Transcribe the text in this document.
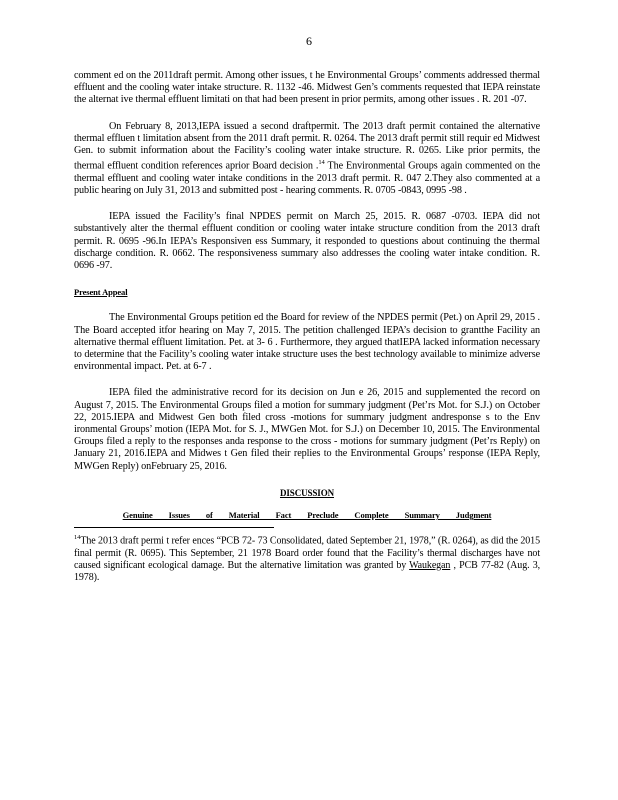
6

comment ed on the 2011draft permit. Among other issues, t he Environmental Groups’ comments addressed thermal effluent and the cooling water intake structure. R. 1132 -46. Midwest Gen’s comments requested that IEPA reinstate the alternat ive thermal effluent limitati on that had been present in prior permits, among other issues . R. 201 -07.

On February 8, 2013,IEPA issued a second draftpermit. The 2013 draft permit contained the alternative thermal effluen t limitation absent from the 2011 draft permit. R. 0264. The 2013 draft permit still requir ed Midwest Gen. to submit information about the Facility’s cooling water intake structure. R. 0265. Like prior permits, the thermal effluent condition references aprior Board decision .$^{14}$ The Environmental Groups again commented on the thermal effluent and cooling water intake conditions in the 2013 draft permit. R. 047 2.They also commented at a public hearing on July 31, 2013 and submitted post - hearing comments. R. 0705 -0843, 0995 -98 .

IEPA issued the Facility’s final NPDES permit on March 25, 2015. R. 0687 -0703. IEPA did not substantively alter the thermal effluent condition or cooling water intake structure condition from the 2013 draft permit. R. 0695 -96.In IEPA’s Responsiven ess Summary, it responded to questions about continuing the thermal discharge condition. R. 0662. The responsiveness summary also addresses the cooling water intake condition. R. 0696 -97.

Present Appeal

The Environmental Groups petition ed the Board for review of the NPDES permit (Pet.) on April 29, 2015 . The Board accepted itfor hearing on May 7, 2015. The petition challenged IEPA’s decision to grantthe Facility an alternative thermal effluent limitation. Pet. at 3- 6 . Furthermore, they argued thatIEPA lacked information necessary to determine that the Facility’s cooling water intake structure uses the best technology available to minimize adverse environmental impact. Pet. at 6-7 .

IEPA filed the administrative record for its decision on Jun e 26, 2015 and supplemented the record on August 7, 2015. The Environmental Groups filed a motion for summary judgment (Pet’rs Mot. for S.J.) on October 22, 2015.IEPA and Midwest Gen both filed cross -motions for summary judgment andresponse s to the Env ironmental Groups’ motion (IEPA Mot. for S. J., MWGen Mot. for S.J.) on December 10, 2015. The Environmental Groups filed a reply to the responses anda response to the cross - motions for summary judgment (Pet’rs Reply) on January 21, 2016.IEPA and Midwes t Gen filed their replies to the Environmental Groups’ response (IEPA Reply, MWGen Reply) onFebruary 25, 2016.

DISCUSSION
Genuine Issues of Material Fact Preclude Complete Summary Judgment

$^{14}$The 2013 draft permi t refer ences “PCB 72- 73 Consolidated, dated September 21, 1978,” (R. 0264), as did the 2015 final permit (R. 0695). This September, 21 1978 Board order found that the Facility’s thermal discharges have not caused significant ecological damage. But the alternative limitation was granted by Waukegan , PCB 77-82 (Aug. 3, 1978).
